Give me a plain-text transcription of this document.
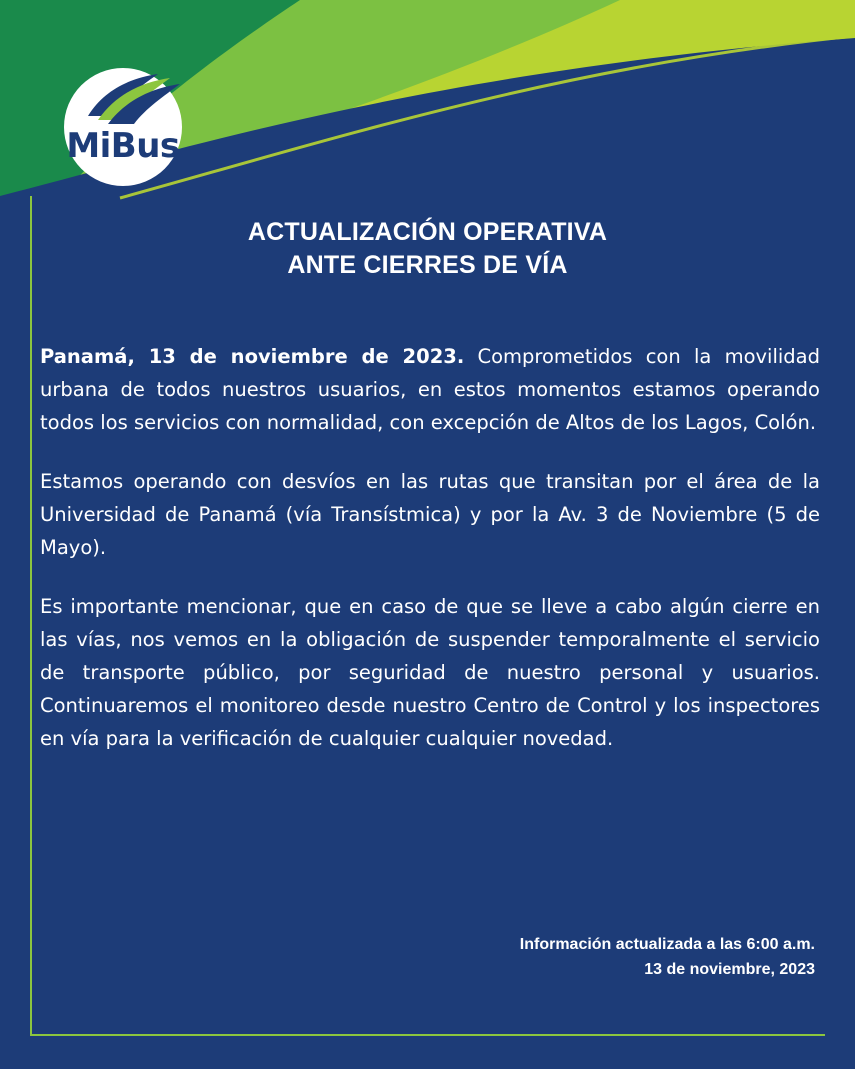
MiBus
ACTUALIZACIÓN OPERATIVA
ANTE CIERRES DE VÍA

Panamá, 13 de noviembre de 2023. Comprometidos con la movilidad urbana de todos nuestros usuarios, en estos momentos estamos operando todos los servicios con normalidad, con excepción de Altos de los Lagos, Colón.

Estamos operando con desvíos en las rutas que transitan por el área de la Universidad de Panamá (vía Transístmica) y por la Av. 3 de Noviembre (5 de Mayo).

Es importante mencionar, que en caso de que se lleve a cabo algún cierre en las vías, nos vemos en la obligación de suspender temporalmente el servicio de transporte público, por seguridad de nuestro personal y usuarios. Continuaremos el monitoreo desde nuestro Centro de Control y los inspectores en vía para la verificación de cualquier cualquier novedad.

Información actualizada a las 6:00 a.m.
13 de noviembre, 2023
